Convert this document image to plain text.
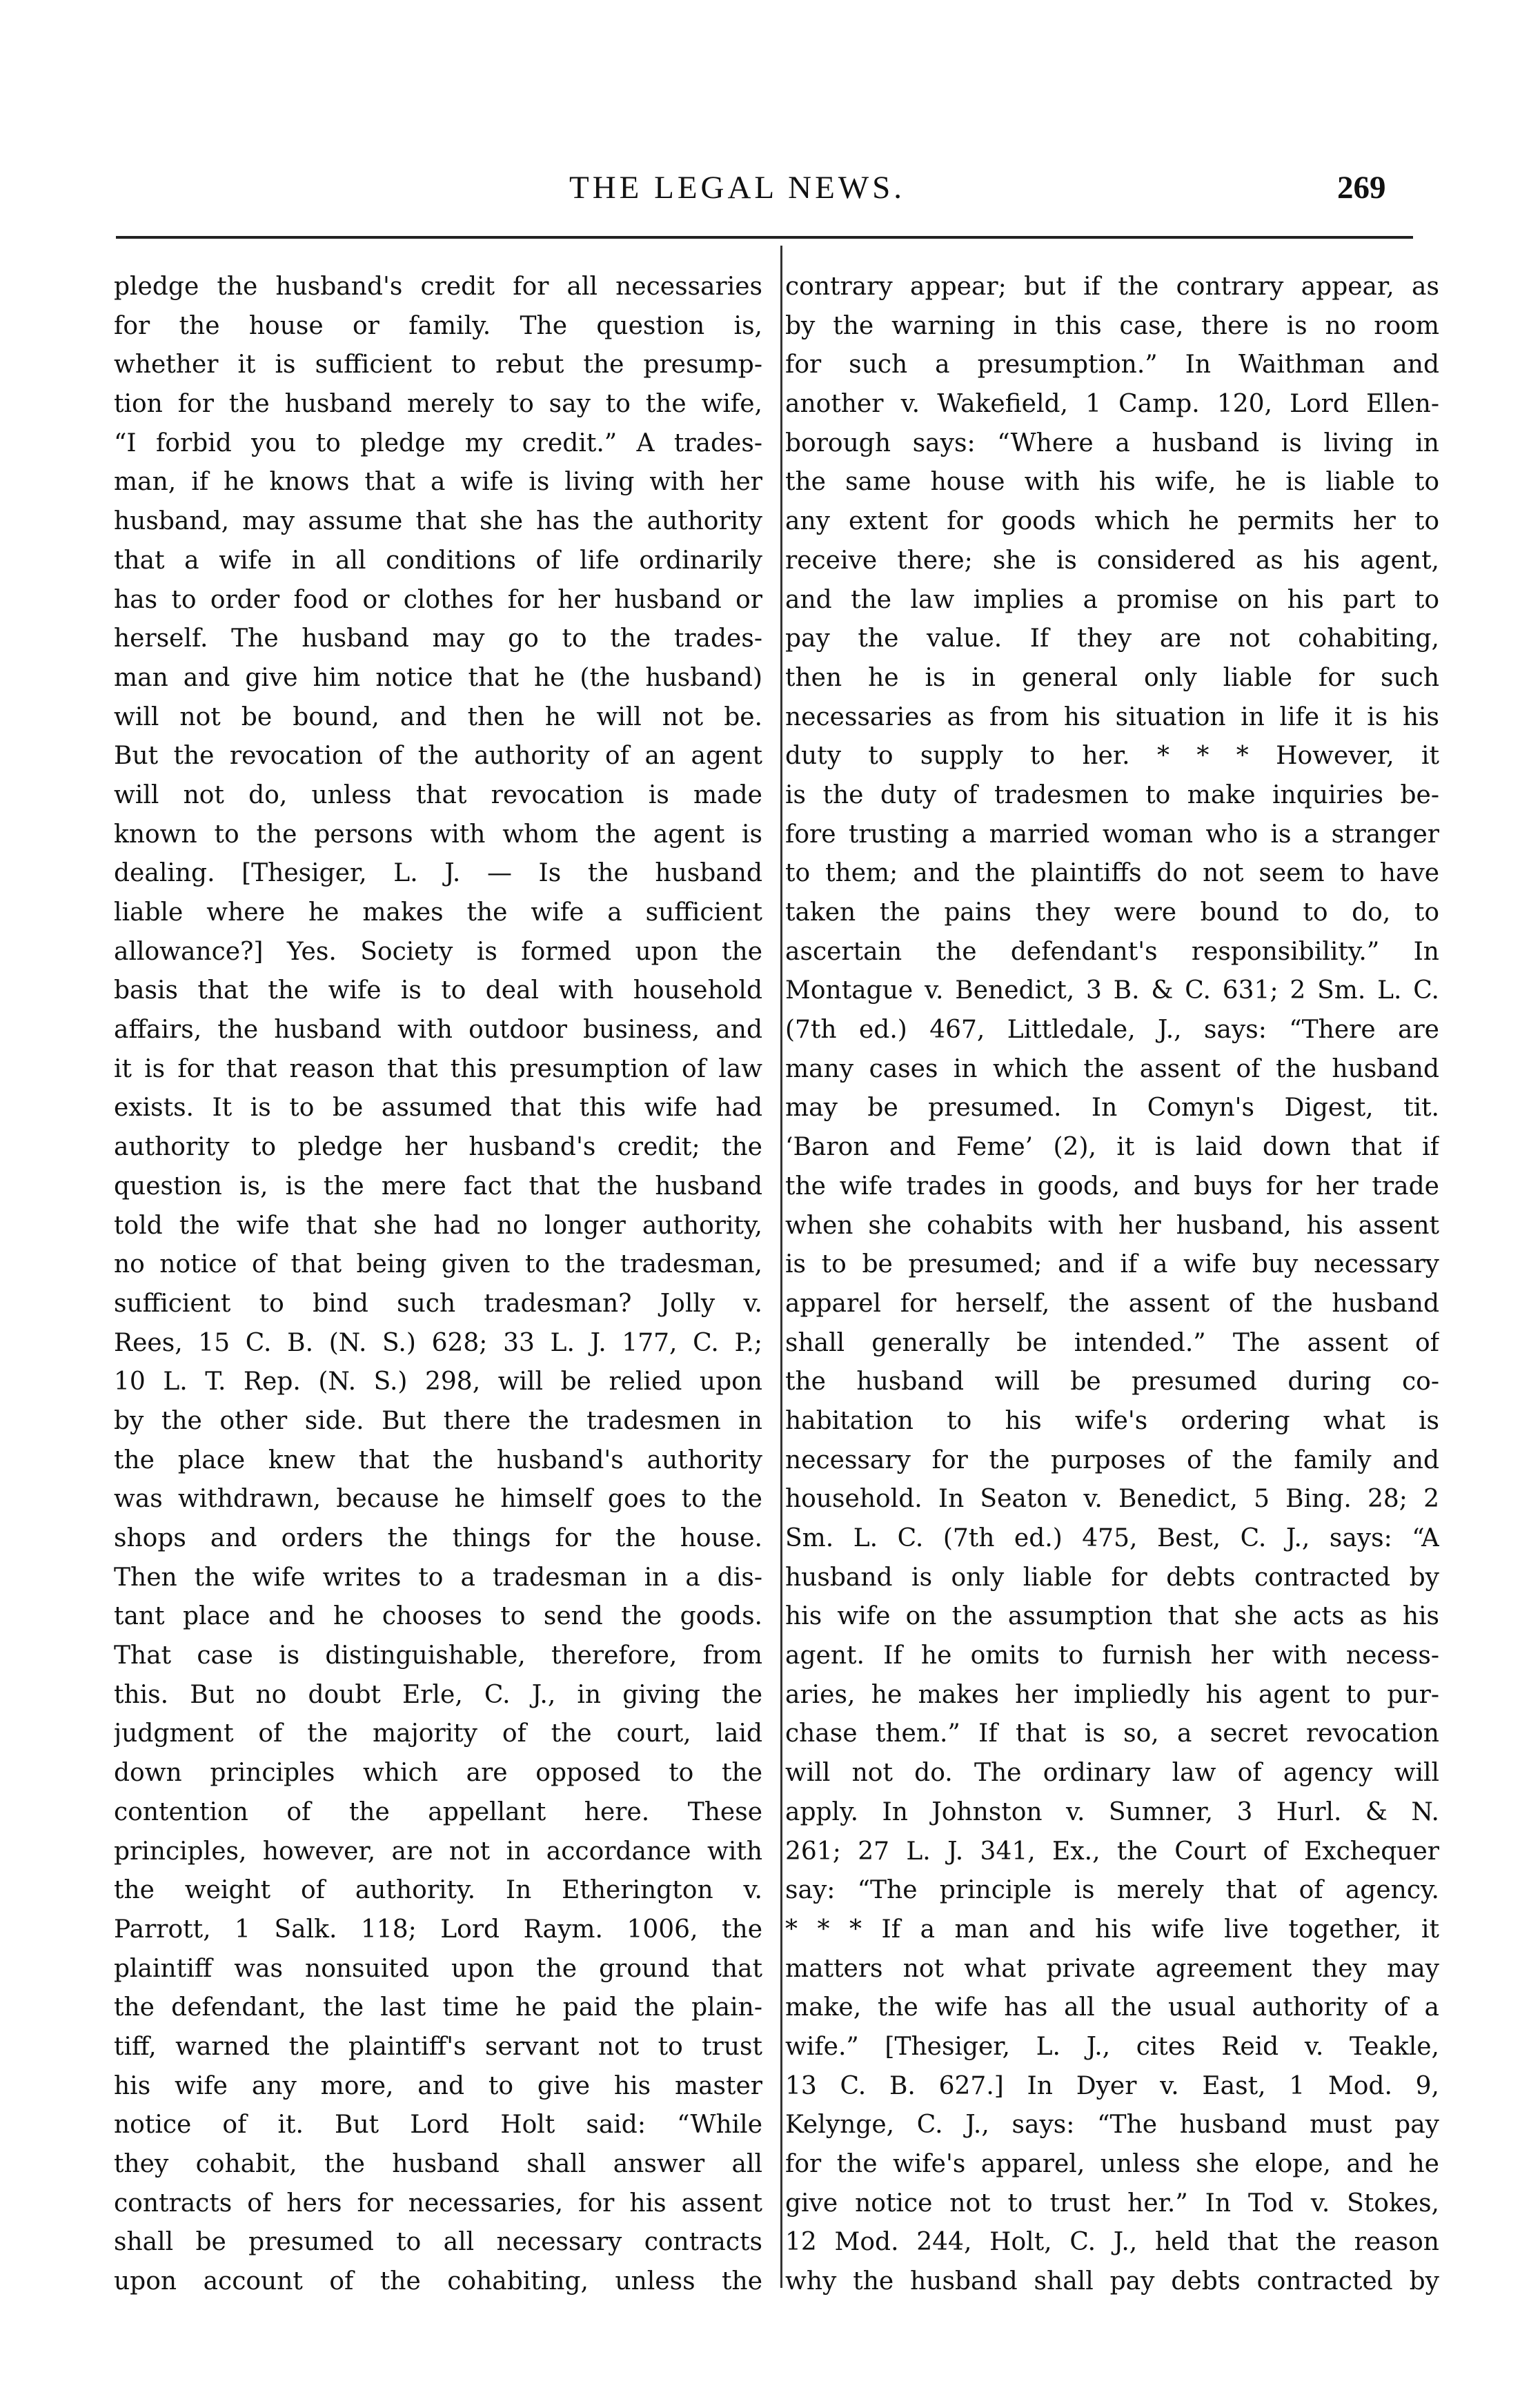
THE LEGAL NEWS.	269
pledge the husband's credit for all necessaries
for the house or family. The question is,
whether it is sufficient to rebut the presump-
tion for the husband merely to say to the wife,
“I forbid you to pledge my credit.” A trades-
man, if he knows that a wife is living with her
husband, may assume that she has the authority
that a wife in all conditions of life ordinarily
has to order food or clothes for her husband or
herself. The husband may go to the trades-
man and give him notice that he (the husband)
will not be bound, and then he will not be.
But the revocation of the authority of an agent
will not do, unless that revocation is made
known to the persons with whom the agent is
dealing. [Thesiger, L. J. — Is the husband
liable where he makes the wife a sufficient
allowance?] Yes. Society is formed upon the
basis that the wife is to deal with household
affairs, the husband with outdoor business, and
it is for that reason that this presumption of law
exists. It is to be assumed that this wife had
authority to pledge her husband's credit; the
question is, is the mere fact that the husband
told the wife that she had no longer authority,
no notice of that being given to the tradesman,
sufficient to bind such tradesman? Jolly v.
Rees, 15 C. B. (N. S.) 628; 33 L. J. 177, C. P.;
10 L. T. Rep. (N. S.) 298, will be relied upon
by the other side. But there the tradesmen in
the place knew that the husband's authority
was withdrawn, because he himself goes to the
shops and orders the things for the house.
Then the wife writes to a tradesman in a dis-
tant place and he chooses to send the goods.
That case is distinguishable, therefore, from
this. But no doubt Erle, C. J., in giving the
judgment of the majority of the court, laid
down principles which are opposed to the
contention of the appellant here. These
principles, however, are not in accordance with
the weight of authority. In Etherington v.
Parrott, 1 Salk. 118; Lord Raym. 1006, the
plaintiff was nonsuited upon the ground that
the defendant, the last time he paid the plain-
tiff, warned the plaintiff's servant not to trust
his wife any more, and to give his master
notice of it. But Lord Holt said: “While
they cohabit, the husband shall answer all
contracts of hers for necessaries, for his assent
shall be presumed to all necessary contracts
upon account of the cohabiting, unless the
contrary appear; but if the contrary appear, as
by the warning in this case, there is no room
for such a presumption.” In Waithman and
another v. Wakefield, 1 Camp. 120, Lord Ellen-
borough says: “Where a husband is living in
the same house with his wife, he is liable to
any extent for goods which he permits her to
receive there; she is considered as his agent,
and the law implies a promise on his part to
pay the value. If they are not cohabiting,
then he is in general only liable for such
necessaries as from his situation in life it is his
duty to supply to her. * * * However, it
is the duty of tradesmen to make inquiries be-
fore trusting a married woman who is a stranger
to them; and the plaintiffs do not seem to have
taken the pains they were bound to do, to
ascertain the defendant's responsibility.” In
Montague v. Benedict, 3 B. & C. 631; 2 Sm. L. C.
(7th ed.) 467, Littledale, J., says: “There are
many cases in which the assent of the husband
may be presumed. In Comyn's Digest, tit.
‘Baron and Feme’ (2), it is laid down that if
the wife trades in goods, and buys for her trade
when she cohabits with her husband, his assent
is to be presumed; and if a wife buy necessary
apparel for herself, the assent of the husband
shall generally be intended.” The assent of
the husband will be presumed during co-
habitation to his wife's ordering what is
necessary for the purposes of the family and
household. In Seaton v. Benedict, 5 Bing. 28; 2
Sm. L. C. (7th ed.) 475, Best, C. J., says: “A
husband is only liable for debts contracted by
his wife on the assumption that she acts as his
agent. If he omits to furnish her with necess-
aries, he makes her impliedly his agent to pur-
chase them.” If that is so, a secret revocation
will not do. The ordinary law of agency will
apply. In Johnston v. Sumner, 3 Hurl. & N.
261; 27 L. J. 341, Ex., the Court of Exchequer
say: “The principle is merely that of agency.
* * * If a man and his wife live together, it
matters not what private agreement they may
make, the wife has all the usual authority of a
wife.” [Thesiger, L. J., cites Reid v. Teakle,
13 C. B. 627.] In Dyer v. East, 1 Mod. 9,
Kelynge, C. J., says: “The husband must pay
for the wife's apparel, unless she elope, and he
give notice not to trust her.” In Tod v. Stokes,
12 Mod. 244, Holt, C. J., held that the reason
why the husband shall pay debts contracted by
